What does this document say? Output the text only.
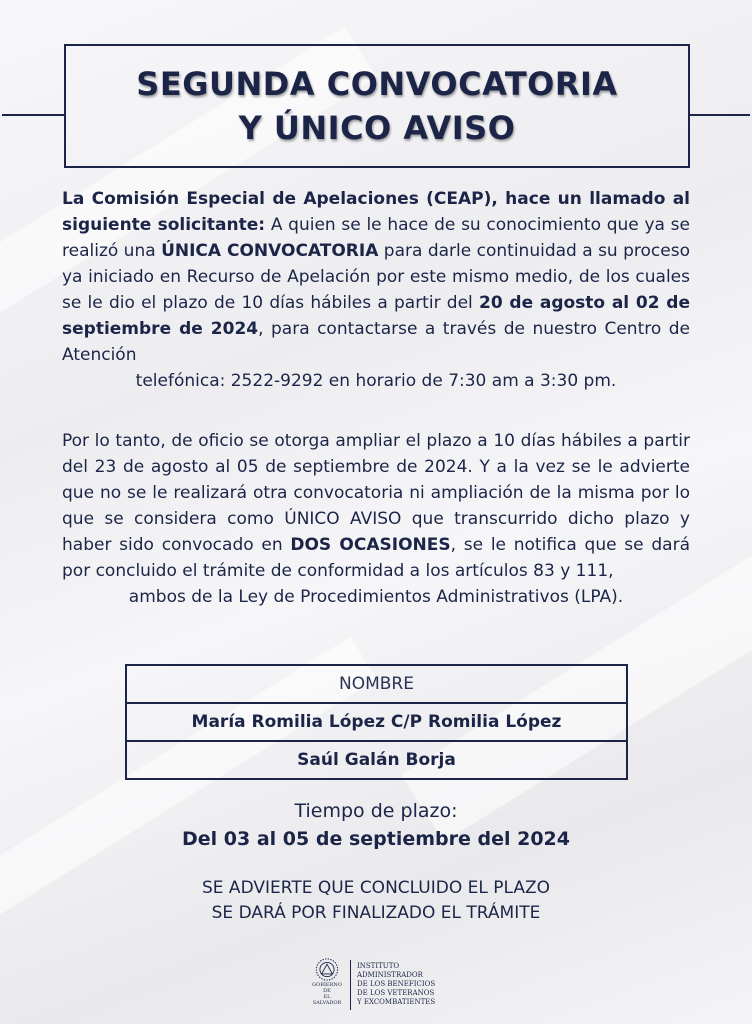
SEGUNDA CONVOCATORIA
Y ÚNICO AVISO
La Comisión Especial de Apelaciones (CEAP), hace un llamado al siguiente solicitante: A quien se le hace de su conocimiento que ya se realizó una ÚNICA CONVOCATORIA para darle continuidad a su proceso ya iniciado en Recurso de Apelación por este mismo medio, de los cuales se le dio el plazo de 10 días hábiles a partir del 20 de agosto al 02 de septiembre de 2024, para contactarse a través de nuestro Centro de Atención
telefónica: 2522-9292 en horario de 7:30 am a 3:30 pm.
Por lo tanto, de oficio se otorga ampliar el plazo a 10 días hábiles a partir del 23 de agosto al 05 de septiembre de 2024. Y a la vez se le advierte que no se le realizará otra convocatoria ni ampliación de la misma por lo que se considera como ÚNICO AVISO que transcurrido dicho plazo y haber sido convocado en DOS OCASIONES, se le notifica que se dará por concluido el trámite de conformidad a los artículos 83 y 111,
ambos de la Ley de Procedimientos Administrativos (LPA).
NOMBRE
María Romilia López C/P Romilia López
Saúl Galán Borja
Tiempo de plazo:
Del 03 al 05 de septiembre del 2024
SE ADVIERTE QUE CONCLUIDO EL PLAZO
SE DARÁ POR FINALIZADO EL TRÁMITE
GOBIERNO DE
EL SALVADOR
INSTITUTO
ADMINISTRADOR
DE LOS BENEFICIOS
DE LOS VETERANOS
Y EXCOMBATIENTES
